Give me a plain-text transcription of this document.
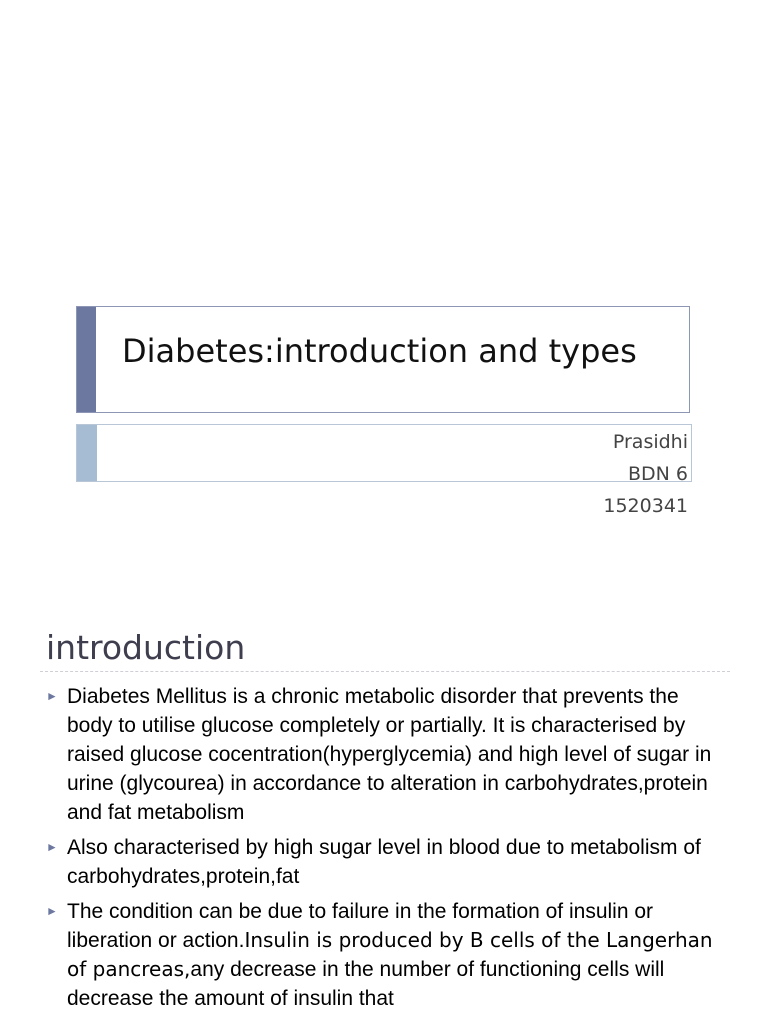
Diabetes:introduction and types
Prasidhi
BDN 6
1520341
introduction
► Diabetes Mellitus is a chronic metabolic disorder that prevents the body to utilise glucose completely or partially. It is characterised by raised glucose cocentration(hyperglycemia) and high level of sugar in urine (glycourea) in accordance to alteration in carbohydrates,protein and fat metabolism
► Also characterised by high sugar level in blood due to metabolism of carbohydrates,protein,fat
► The condition can be due to failure in the formation of insulin or liberation or action.Insulin is produced by B cells of the Langerhan of pancreas,any decrease in the number of functioning cells will decrease the amount of insulin that
